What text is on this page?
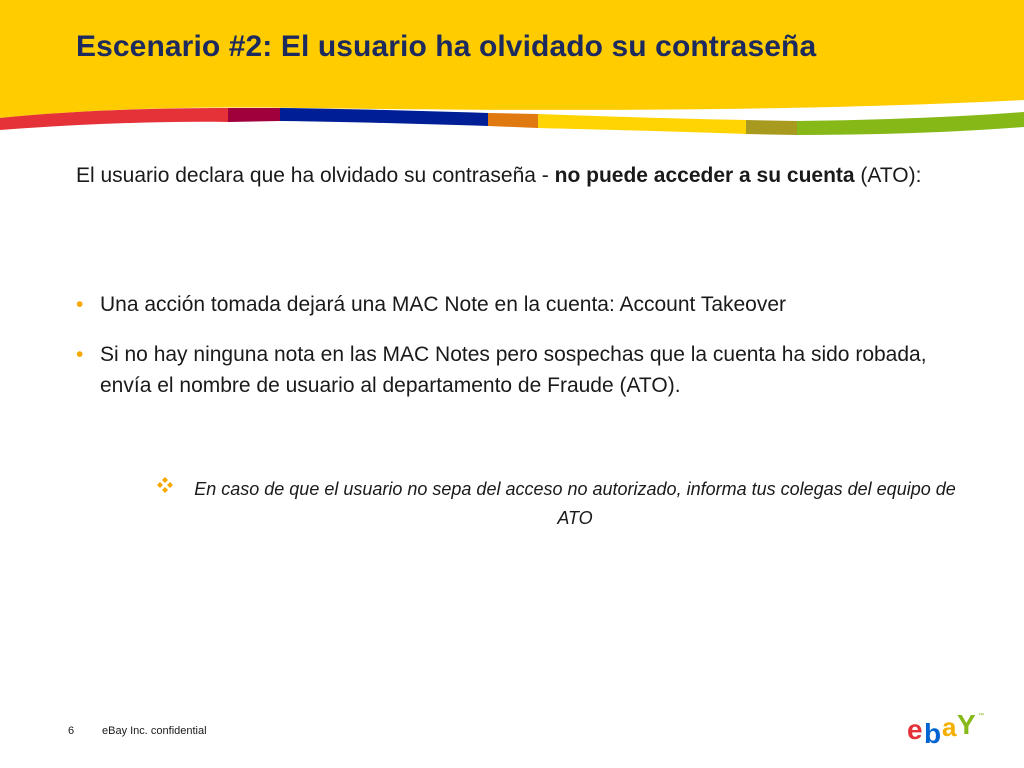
Escenario #2: El usuario ha olvidado su contraseña

El usuario declara que ha olvidado su contraseña - no puede acceder a su cuenta (ATO):

• Una acción tomada dejará una MAC Note en la cuenta: Account Takeover
• Si no hay ninguna nota en las MAC Notes pero sospechas que la cuenta ha sido robada, envía el nombre de usuario al departamento de Fraude (ATO).
En caso de que el usuario no sepa del acceso no autorizado, informa tus colegas del equipo de ATO
6	eBay Inc. confidential	e b a Y ™
